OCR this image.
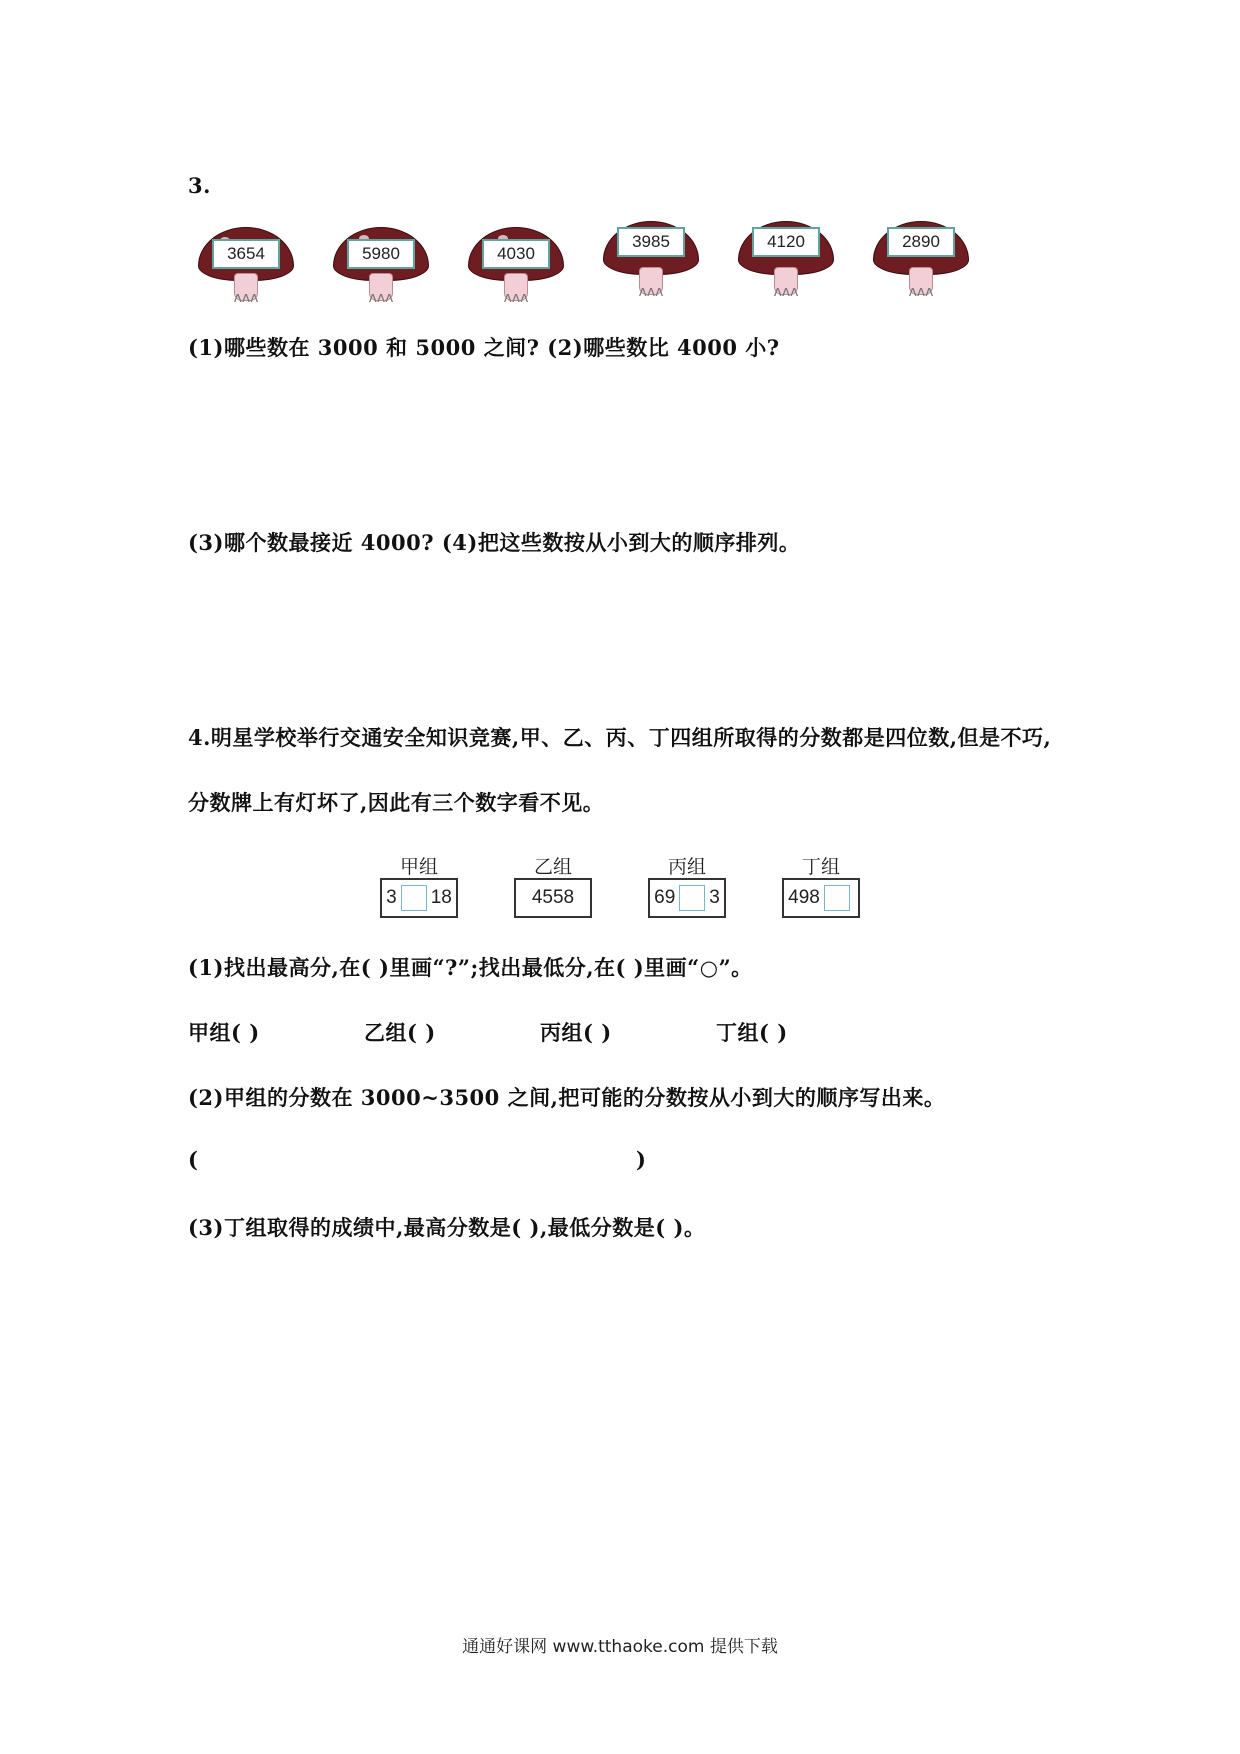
3.
ᴧᴧᴧ
3654
ᴧᴧᴧ
5980
ᴧᴧᴧ
4030
ᴧᴧᴧ
3985
ᴧᴧᴧ
4120
ᴧᴧᴧ
2890
(1)哪些数在 3000 和 5000 之间? (2)哪些数比 4000 小?
(3)哪个数最接近 4000? (4)把这些数按从小到大的顺序排列。
4.明星学校举行交通安全知识竞赛,甲、乙、丙、丁四组所取得的分数都是四位数,但是不巧,
分数牌上有灯坏了,因此有三个数字看不见。
甲组
3 18
乙组
4558
丙组
69 3
丁组
498
(1)找出最高分,在( )里画“?”;找出最低分,在( )里画“○”。
甲组( )	乙组( )	丙组( )	丁组( )
(2)甲组的分数在 3000~3500 之间,把可能的分数按从小到大的顺序写出来。
(	)
(3)丁组取得的成绩中,最高分数是( ),最低分数是( )。
通通好课网 www.tthaoke.com 提供下载
